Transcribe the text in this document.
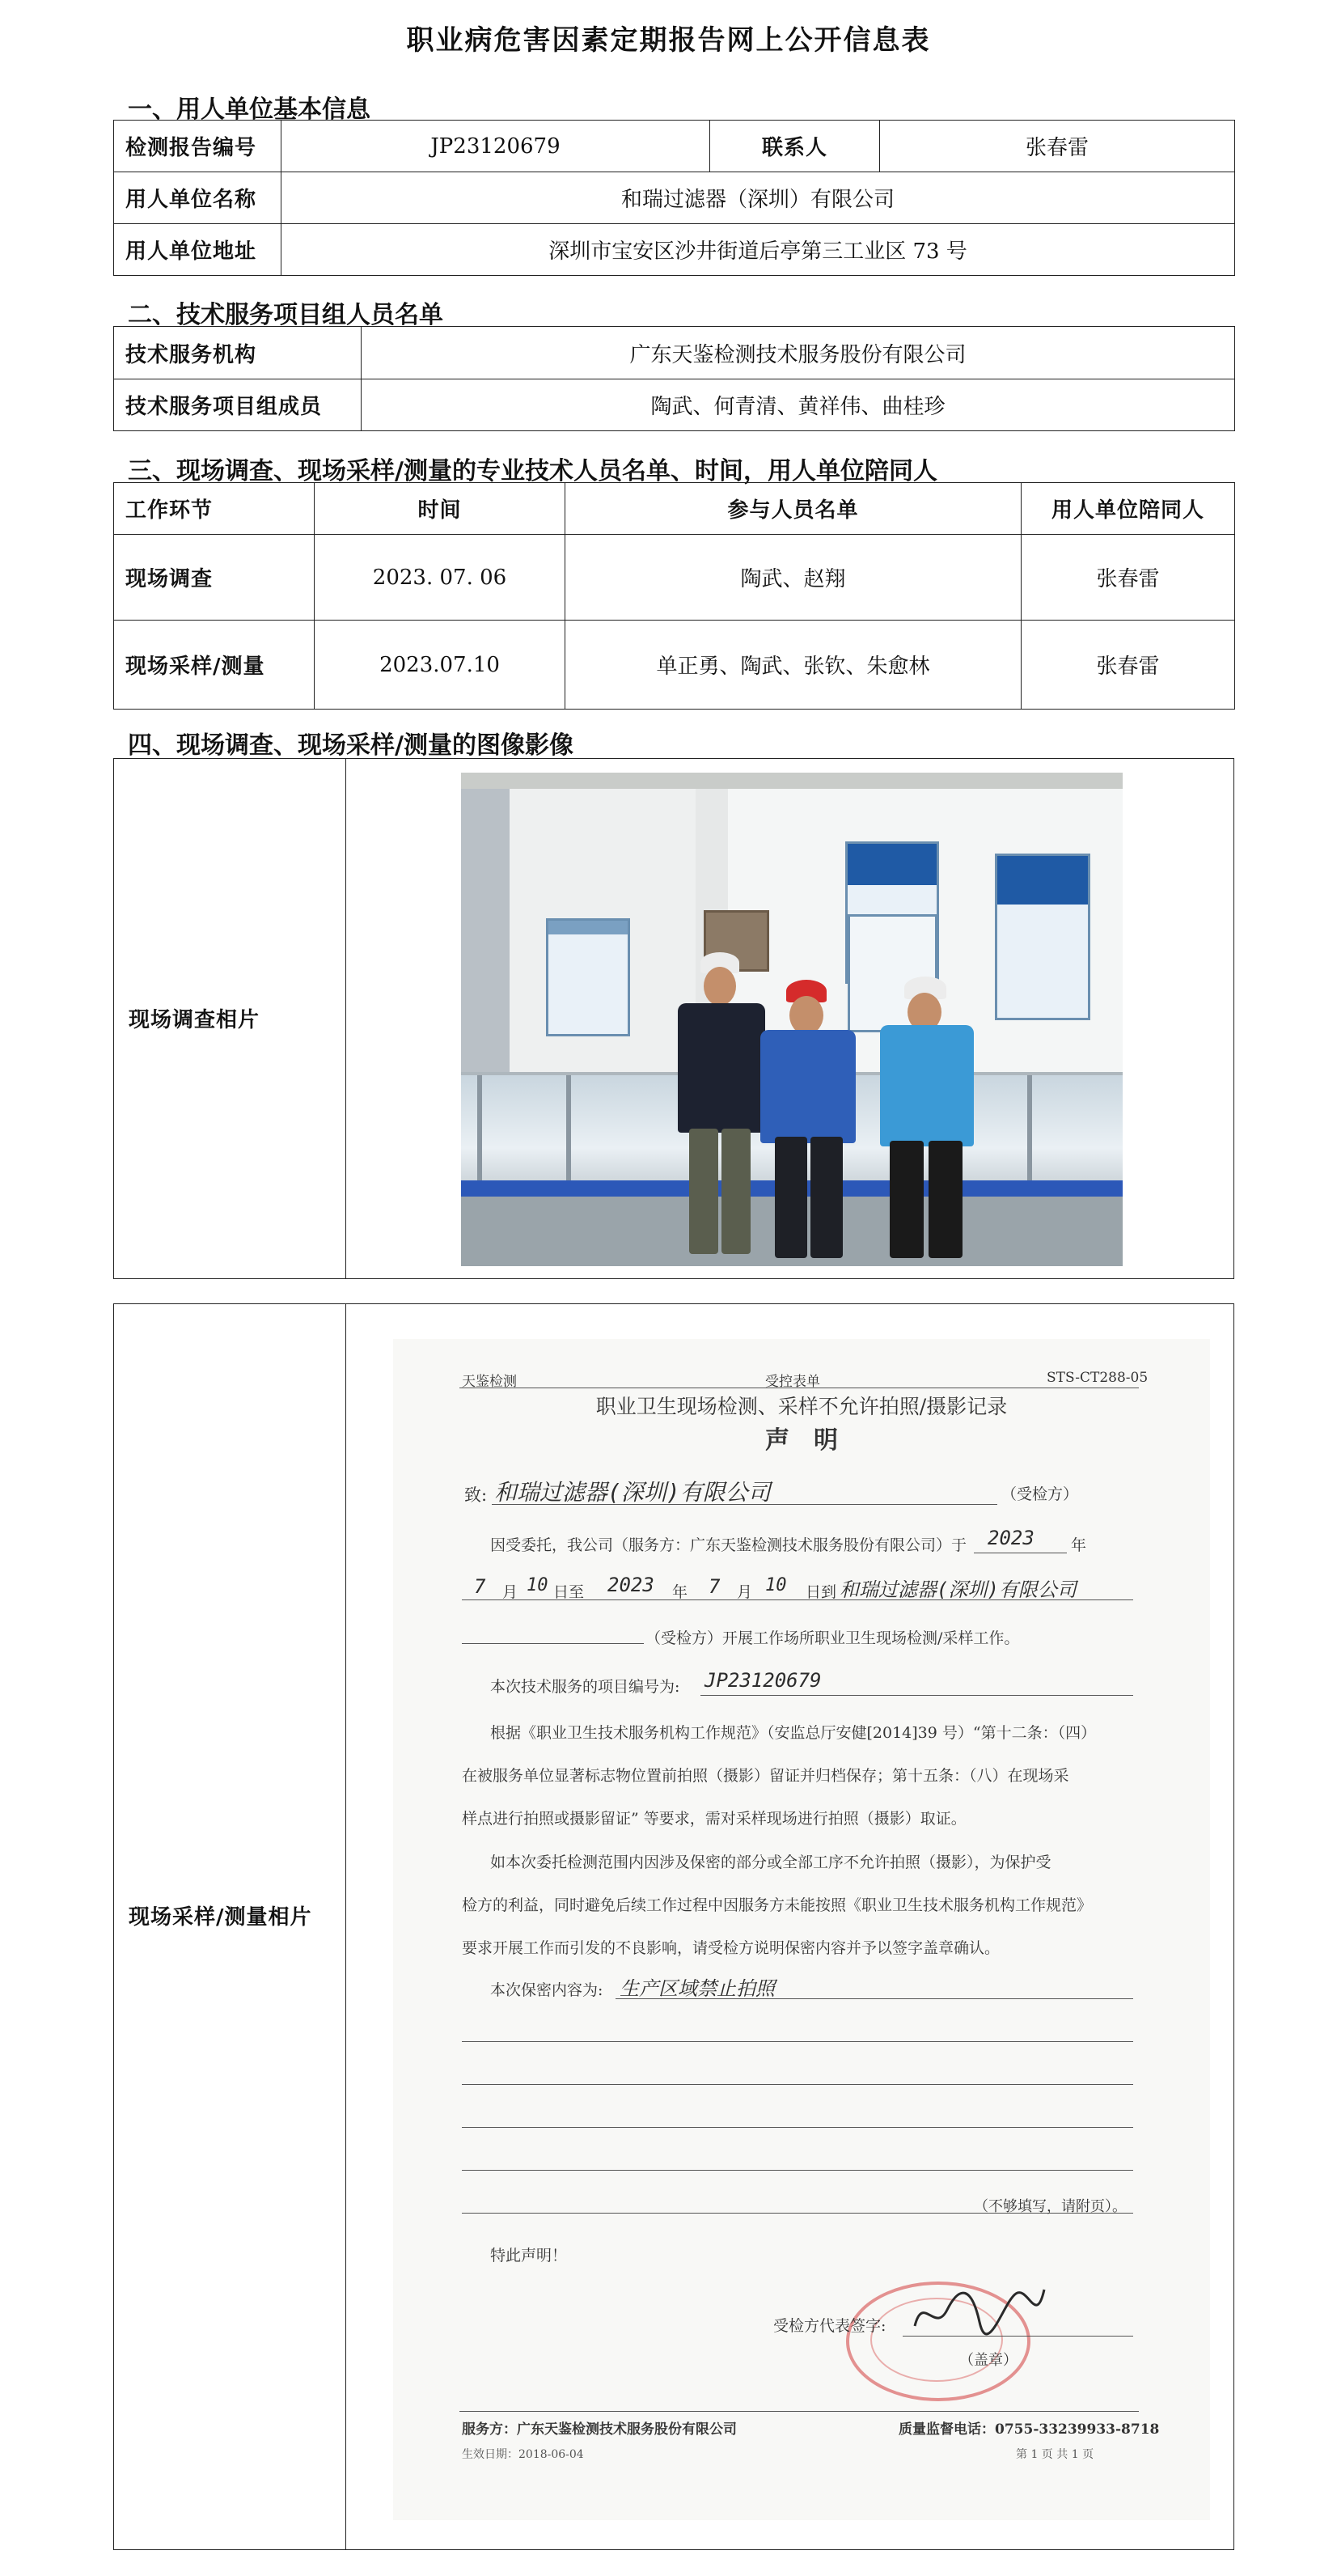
职业病危害因素定期报告网上公开信息表
一、用人单位基本信息
检测报告编号	JP23120679	联系人	张春雷
用人单位名称	和瑞过滤器（深圳）有限公司		
用人单位地址	深圳市宝安区沙井街道后亭第三工业区 73 号		
二、技术服务项目组人员名单
技术服务机构	广东天鉴检测技术服务股份有限公司
技术服务项目组成员	陶武、何青清、黄祥伟、曲桂珍
三、现场调查、现场采样/测量的专业技术人员名单、时间，用人单位陪同人
工作环节	时间	参与人员名单	用人单位陪同人
现场调查	2023. 07. 06	陶武、赵翔	张春雷
现场采样/测量	2023.07.10	单正勇、陶武、张钦、朱愈林	张春雷
四、现场调查、现场采样/测量的图像影像
现场调查相片
现场采样/测量相片
天鉴检测	受控表单	STS-CT288-05
职业卫生现场检测、采样不允许拍照/摄影记录
声　明
致: 和瑞过滤器(深圳)有限公司	（受检方）
因受委托，我公司（服务方：广东天鉴检测技术服务股份有限公司）于 2023 年
7 月 10 日至 2023 年 7 月 10 日到 和瑞过滤器(深圳)有限公司
（受检方）开展工作场所职业卫生现场检测/采样工作。
本次技术服务的项目编号为: JP23120679
根据《职业卫生技术服务机构工作规范》（安监总厅安健[2014]39 号）“第十二条：（四）
在被服务单位显著标志物位置前拍照（摄影）留证并归档保存；第十五条：（八）在现场采
样点进行拍照或摄影留证” 等要求，需对采样现场进行拍照（摄影）取证。
如本次委托检测范围内因涉及保密的部分或全部工序不允许拍照（摄影），为保护受
检方的利益，同时避免后续工作过程中因服务方未能按照《职业卫生技术服务机构工作规范》
要求开展工作而引发的不良影响，请受检方说明保密内容并予以签字盖章确认。
本次保密内容为: 生产区域禁止拍照
（不够填写，请附页）。
特此声明！
受检方代表签字:
（盖章）
服务方：广东天鉴检测技术服务股份有限公司	质量监督电话：0755-33239933-8718
生效日期：2018-06-04	第 1 页 共 1 页
